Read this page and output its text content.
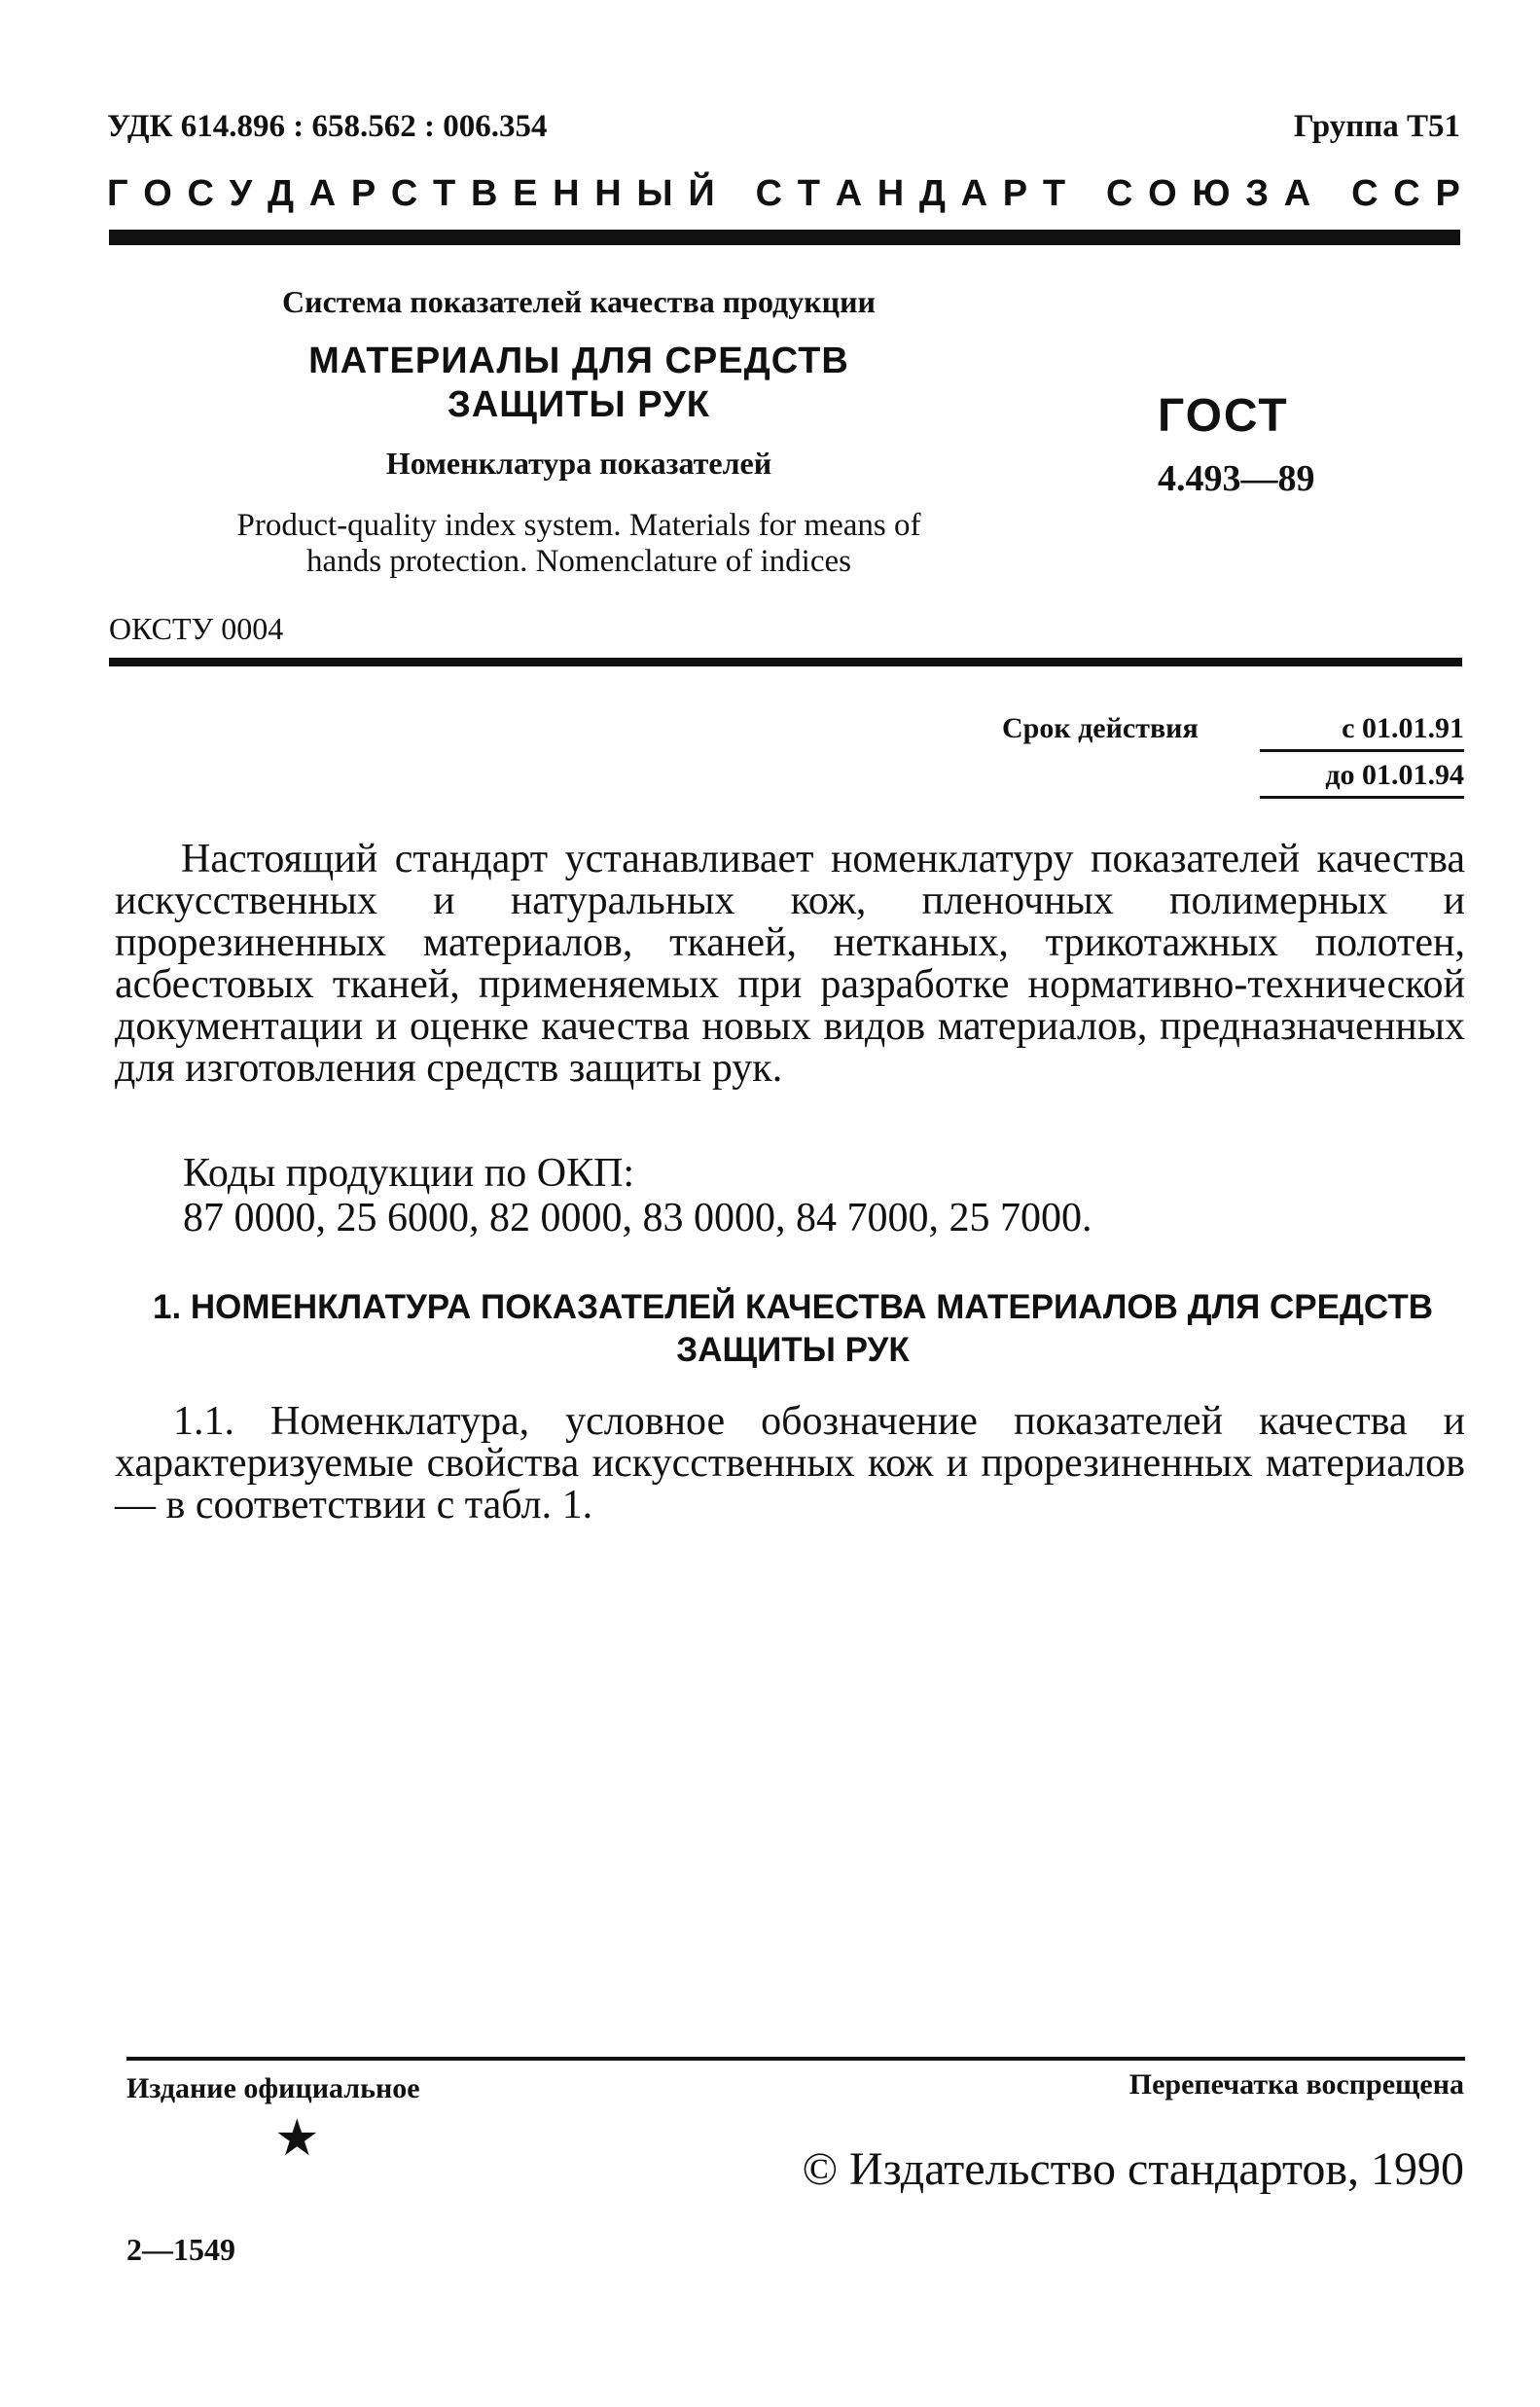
УДК 614.896 : 658.562 : 006.354	Группа Т51
Г О С У Д А Р С Т В Е Н Н Ы Й
С Т А Н Д А Р Т
С О Ю З А
С С Р
Система показателей качества продукции
МАТЕРИАЛЫ ДЛЯ СРЕДСТВ
ЗАЩИТЫ РУК
Номенклатура показателей
Product-quality index system. Materials for means of hands protection. Nomenclature of indices
ГОСТ
4.493—89
ОКСТУ 0004
Срок действия	с 01.01.91
до 01.01.94
Настоящий стандарт устанавливает номенклатуру показателей качества искусственных и натуральных кож, пленочных полимерных и прорезиненных материалов, тканей, нетканых, трикотажных полотен, асбестовых тканей, применяемых при разработке нормативно-технической документации и оценке качества новых видов материалов, предназначенных для изготовления средств защиты рук.
Коды продукции по ОКП:
87 0000, 25 6000, 82 0000, 83 0000, 84 7000, 25 7000.
1. НОМЕНКЛАТУРА ПОКАЗАТЕЛЕЙ КАЧЕСТВА МАТЕРИАЛОВ ДЛЯ СРЕДСТВ ЗАЩИТЫ РУК
1.1. Номенклатура, условное обозначение показателей качества и характеризуемые свойства искусственных кож и прорезиненных материалов — в соответствии с табл. 1.
Издание официальное	Перепечатка воспрещена
★
© Издательство стандартов, 1990
2—1549
